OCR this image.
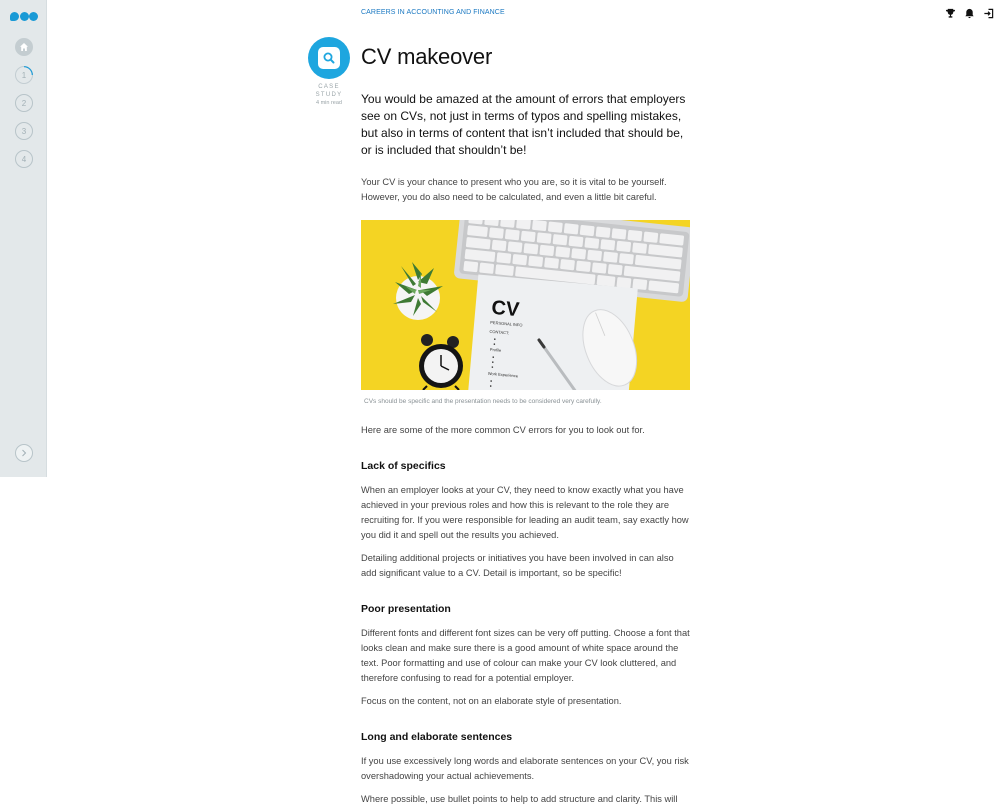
1
2
3
4
CAREERS IN ACCOUNTING AND FINANCE
CASE
STUDY
4 min read
CV makeover

You would be amazed at the amount of errors that employers see on CVs, not just in terms of typos and spelling mistakes, but also in terms of content that isn’t included that should be, or is included that shouldn’t be!

Your CV is your chance to present who you are, so it is vital to be yourself. However, you do also need to be calculated, and even a little bit careful.

CV
PERSONAL INFO
CONTACT:
Profile
Work Experience
CVs should be specific and the presentation needs to be considered very carefully.

Here are some of the more common CV errors for you to look out for.

Lack of specifics

When an employer looks at your CV, they need to know exactly what you have achieved in your previous roles and how this is relevant to the role they are recruiting for. If you were responsible for leading an audit team, say exactly how you did it and spell out the results you achieved.

Detailing additional projects or initiatives you have been involved in can also add significant value to a CV. Detail is important, so be specific!

Poor presentation

Different fonts and different font sizes can be very off putting. Choose a font that looks clean and make sure there is a good amount of white space around the text. Poor formatting and use of colour can make your CV look cluttered, and therefore confusing to read for a potential employer.

Focus on the content, not on an elaborate style of presentation.

Long and elaborate sentences

If you use excessively long words and elaborate sentences on your CV, you risk overshadowing your actual achievements.

Where possible, use bullet points to help to add structure and clarity. This will
